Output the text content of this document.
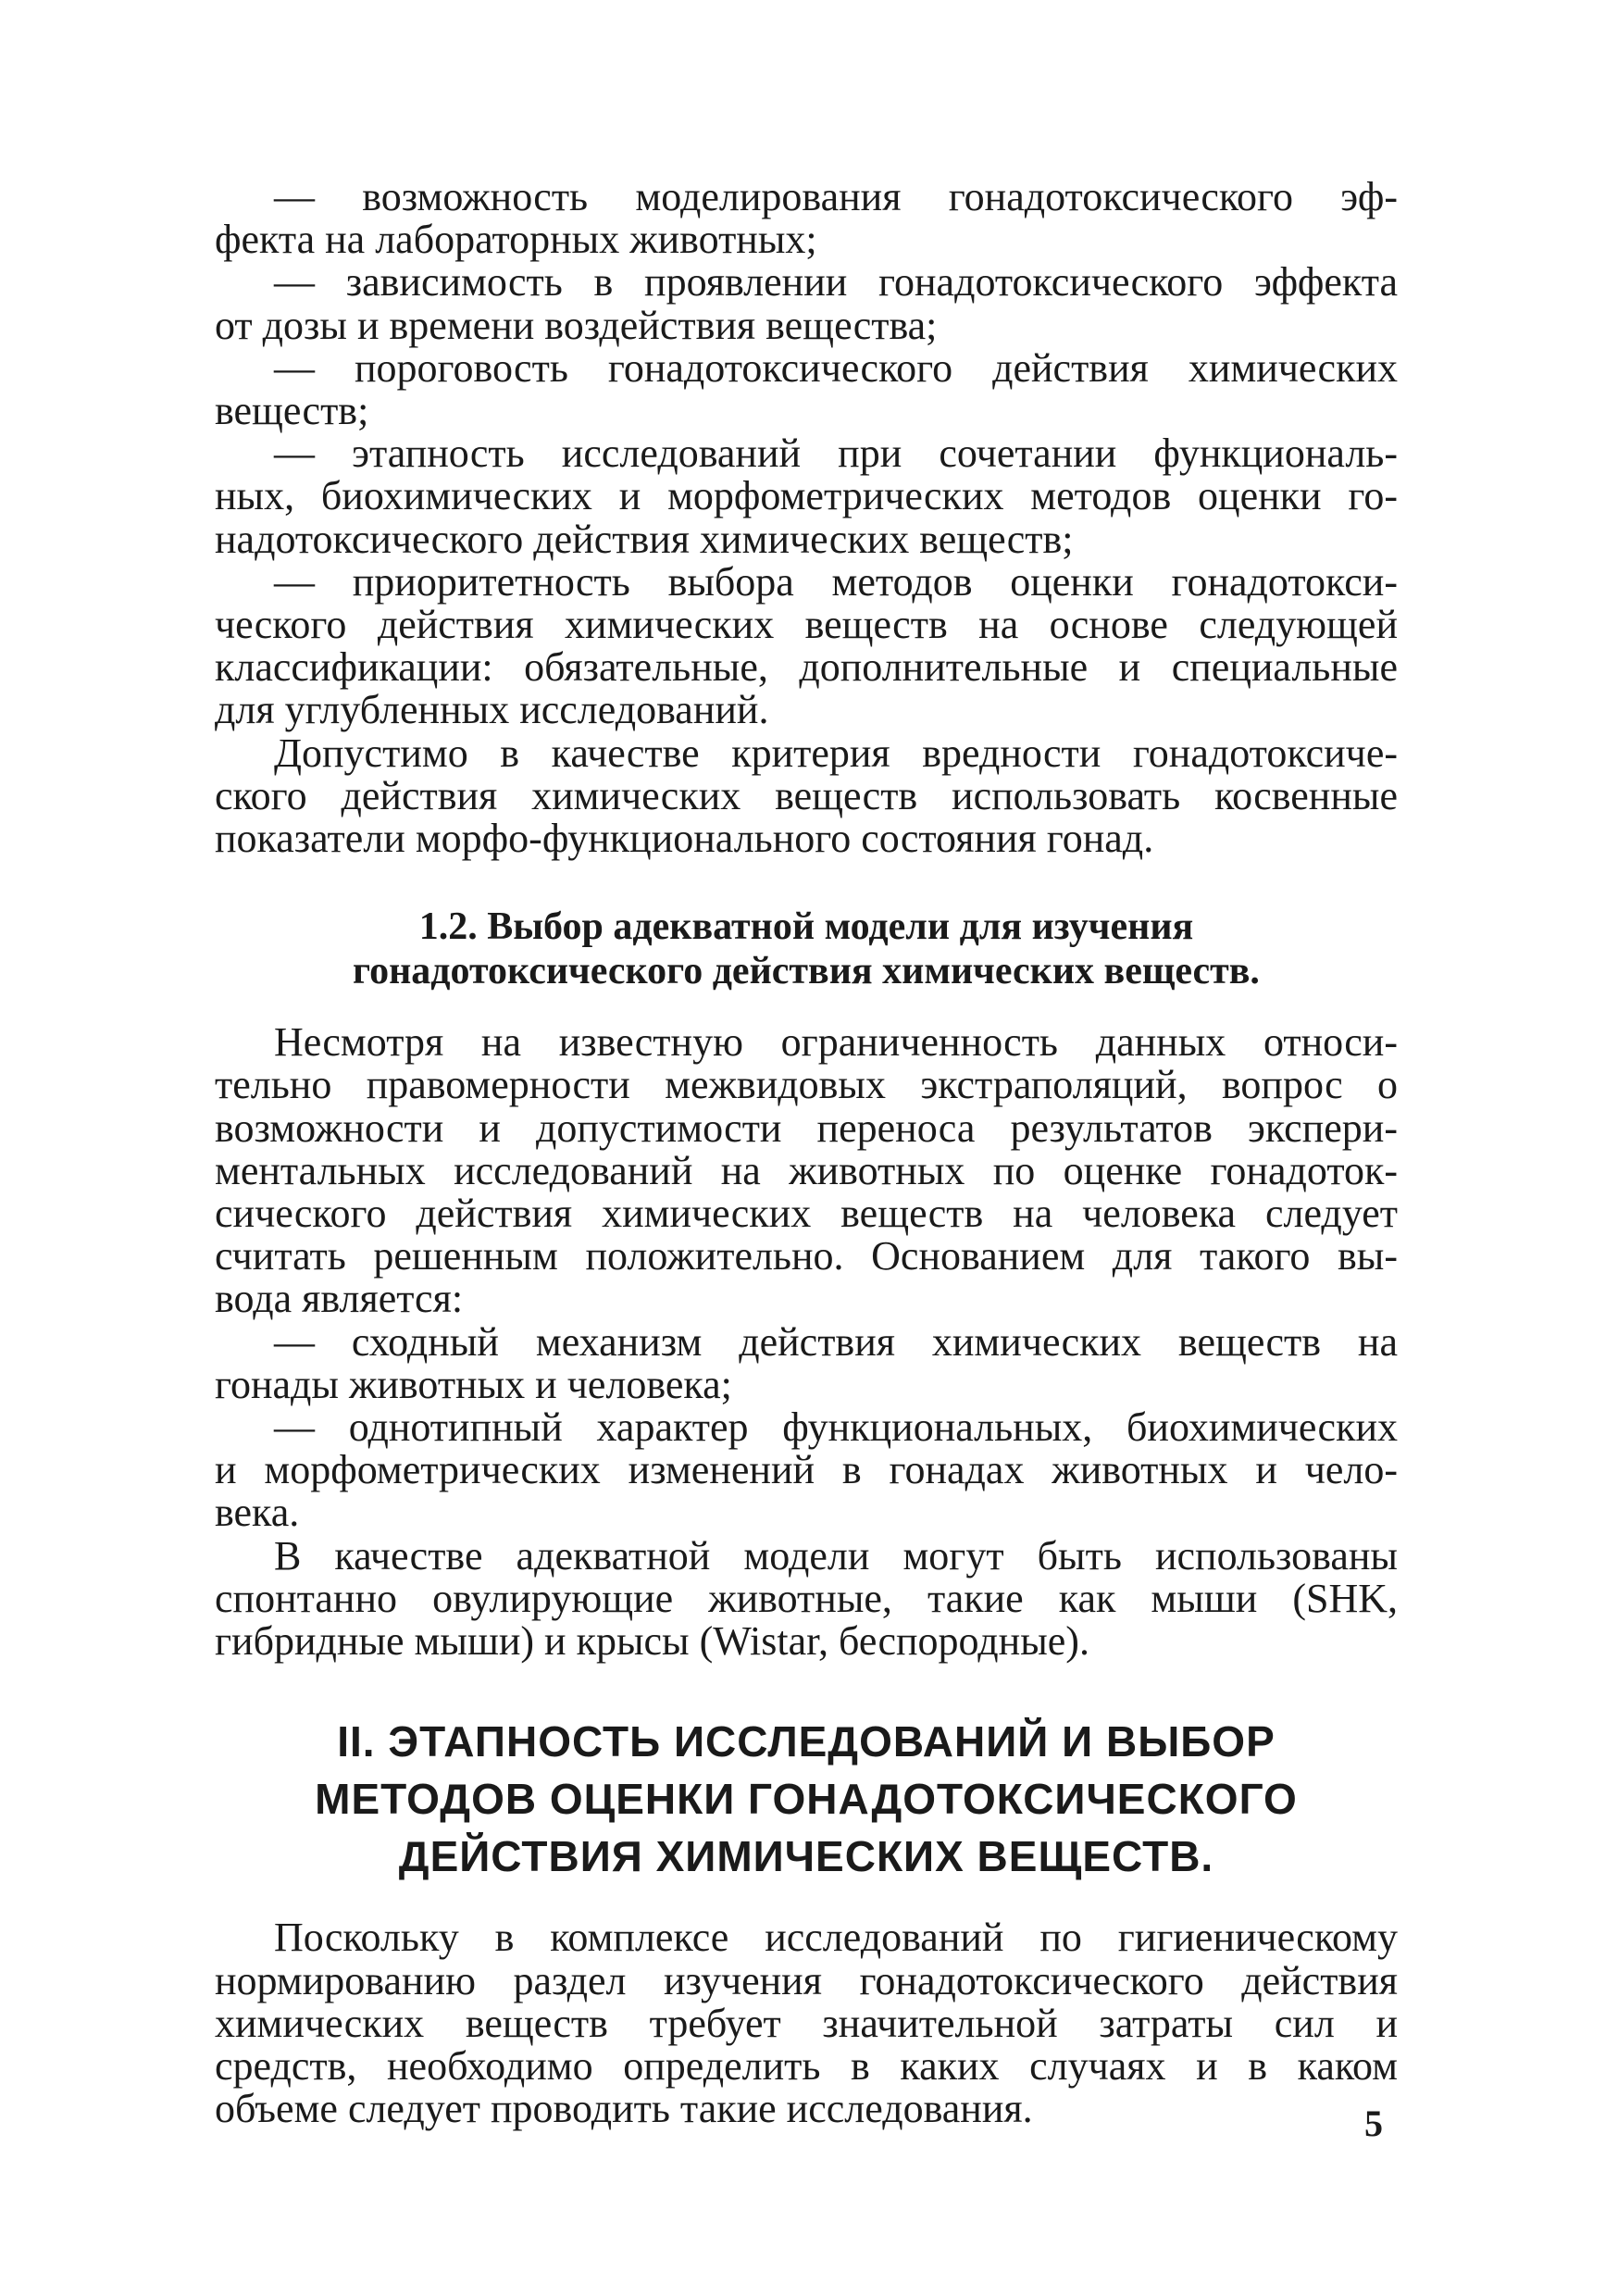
— возможность моделирования гонадотоксического эф-

фекта на лабораторных животных;

— зависимость в проявлении гонадотоксического эффекта

от дозы и времени воздействия вещества;

— пороговость гонадотоксического действия химических

веществ;

— этапность исследований при сочетании функциональ-

ных, биохимических и морфометрических методов оценки го-

надотоксического действия химических веществ;

— приоритетность выбора методов оценки гонадотокси-

ческого действия химических веществ на основе следующей

классификации: обязательные, дополнительные и специальные

для углубленных исследований.

Допустимо в качестве критерия вредности гонадотоксиче-

ского действия химических веществ использовать косвенные

показатели морфо-функционального состояния гонад.

1.2. Выбор адекватной модели для изучения

гонадотоксического действия химических веществ.

Несмотря на известную ограниченность данных относи-

тельно правомерности межвидовых экстраполяций, вопрос о

возможности и допустимости переноса результатов экспери-

ментальных исследований на животных по оценке гонадоток-

сического действия химических веществ на человека следует

считать решенным положительно. Основанием для такого вы-

вода является:

— сходный механизм действия химических веществ на

гонады животных и человека;

— однотипный характер функциональных, биохимических

и морфометрических изменений в гонадах животных и чело-

века.

В качестве адекватной модели могут быть использованы

спонтанно овулирующие животные, такие как мыши (SHK,

гибридные мыши) и крысы (Wistar, беспородные).

II. ЭТАПНОСТЬ ИССЛЕДОВАНИЙ И ВЫБОР

МЕТОДОВ ОЦЕНКИ ГОНАДОТОКСИЧЕСКОГО

ДЕЙСТВИЯ ХИМИЧЕСКИХ ВЕЩЕСТВ.

Поскольку в комплексе исследований по гигиеническому

нормированию раздел изучения гонадотоксического действия

химических веществ требует значительной затраты сил и

средств, необходимо определить в каких случаях и в каком

объеме следует проводить такие исследования.	5
